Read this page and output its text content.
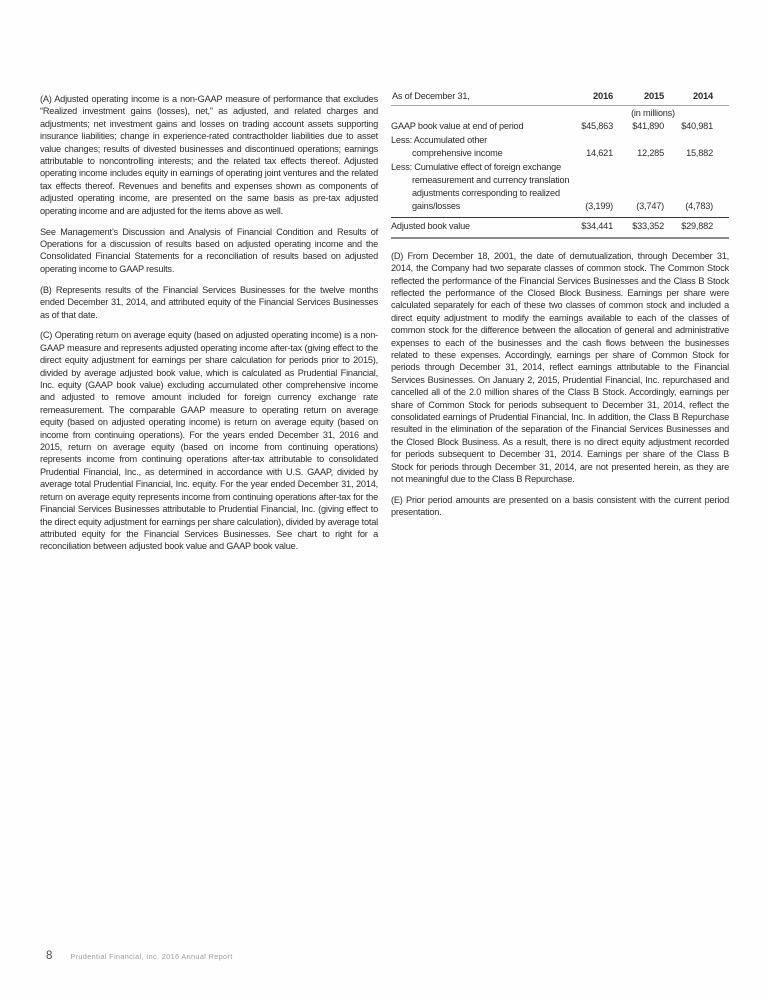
(A) Adjusted operating income is a non-GAAP measure of performance that excludes “Realized investment gains (losses), net,” as adjusted, and related charges and adjustments; net investment gains and losses on trading account assets supporting insurance liabilities; change in experience-rated contractholder liabilities due to asset value changes; results of divested businesses and discontinued operations; earnings attributable to noncontrolling interests; and the related tax effects thereof. Adjusted operating income includes equity in earnings of operating joint ventures and the related tax effects thereof. Revenues and benefits and expenses shown as components of adjusted operating income, are presented on the same basis as pre-tax adjusted operating income and are adjusted for the items above as well.

See Management’s Discussion and Analysis of Financial Condition and Results of Operations for a discussion of results based on adjusted operating income and the Consolidated Financial Statements for a reconciliation of results based on adjusted operating income to GAAP results.

(B) Represents results of the Financial Services Businesses for the twelve months ended December 31, 2014, and attributed equity of the Financial Services Businesses as of that date.

(C) Operating return on average equity (based on adjusted operating income) is a non-GAAP measure and represents adjusted operating income after-tax (giving effect to the direct equity adjustment for earnings per share calculation for periods prior to 2015), divided by average adjusted book value, which is calculated as Prudential Financial, Inc. equity (GAAP book value) excluding accumulated other comprehensive income and adjusted to remove amount included for foreign currency exchange rate remeasurement. The comparable GAAP measure to operating return on average equity (based on adjusted operating income) is return on average equity (based on income from continuing operations). For the years ended December 31, 2016 and 2015, return on average equity (based on income from continuing operations) represents income from continuing operations after-tax attributable to consolidated Prudential Financial, Inc., as determined in accordance with U.S. GAAP, divided by average total Prudential Financial, Inc. equity. For the year ended December 31, 2014, return on average equity represents income from continuing operations after-tax for the Financial Services Businesses attributable to Prudential Financial, Inc. (giving effect to the direct equity adjustment for earnings per share calculation), divided by average total attributed equity for the Financial Services Businesses. See chart to right for a reconciliation between adjusted book value and GAAP book value.

As of December 31,	2016	2015	2014
(in millions)
GAAP book value at end of period	$45,863 $41,890 $40,981
Less: Accumulated other
comprehensive income	14,621	12,285 15,882
Less: Cumulative effect of foreign exchange
remeasurement and currency translation
adjustments corresponding to realized
gains/losses	(3,199)	(3,747) (4,783)
Adjusted book value	$34,441 $33,352 $29,882

(D) From December 18, 2001, the date of demutualization, through December 31, 2014, the Company had two separate classes of common stock. The Common Stock reflected the performance of the Financial Services Businesses and the Class B Stock reflected the performance of the Closed Block Business. Earnings per share were calculated separately for each of these two classes of common stock and included a direct equity adjustment to modify the earnings available to each of the classes of common stock for the difference between the allocation of general and administrative expenses to each of the businesses and the cash flows between the businesses related to these expenses. Accordingly, earnings per share of Common Stock for periods through December 31, 2014, reflect earnings attributable to the Financial Services Businesses. On January 2, 2015, Prudential Financial, Inc. repurchased and cancelled all of the 2.0 million shares of the Class B Stock. Accordingly, earnings per share of Common Stock for periods subsequent to December 31, 2014, reflect the consolidated earnings of Prudential Financial, Inc. In addition, the Class B Repurchase resulted in the elimination of the separation of the Financial Services Businesses and the Closed Block Business. As a result, there is no direct equity adjustment recorded for periods subsequent to December 31, 2014. Earnings per share of the Class B Stock for periods through December 31, 2014, are not presented herein, as they are not meaningful due to the Class B Repurchase.

(E) Prior period amounts are presented on a basis consistent with the current period presentation.

8 Prudential Financial, Inc. 2016 Annual Report
